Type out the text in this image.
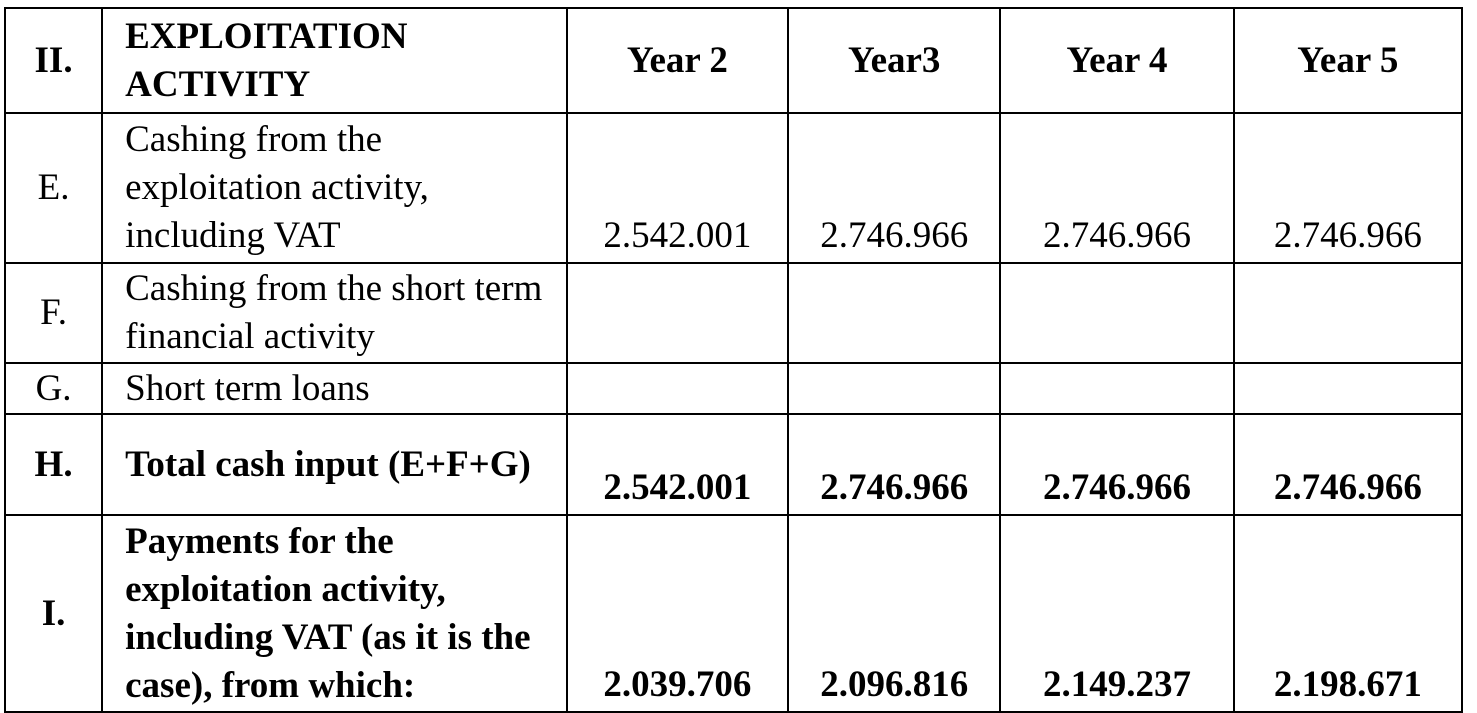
II.	EXPLOITATION ACTIVITY	Year 2	Year3	Year 4	Year 5
E.	Cashing from the exploitation activity, including VAT	2.542.001	2.746.966	2.746.966	2.746.966
F.	Cashing from the short term financial activity				
G.	Short term loans				
H.	Total cash input (E+F+G)	2.542.001	2.746.966	2.746.966	2.746.966
I.	Payments for the exploitation activity, including VAT (as it is the case), from which:	2.039.706	2.096.816	2.149.237	2.198.671
